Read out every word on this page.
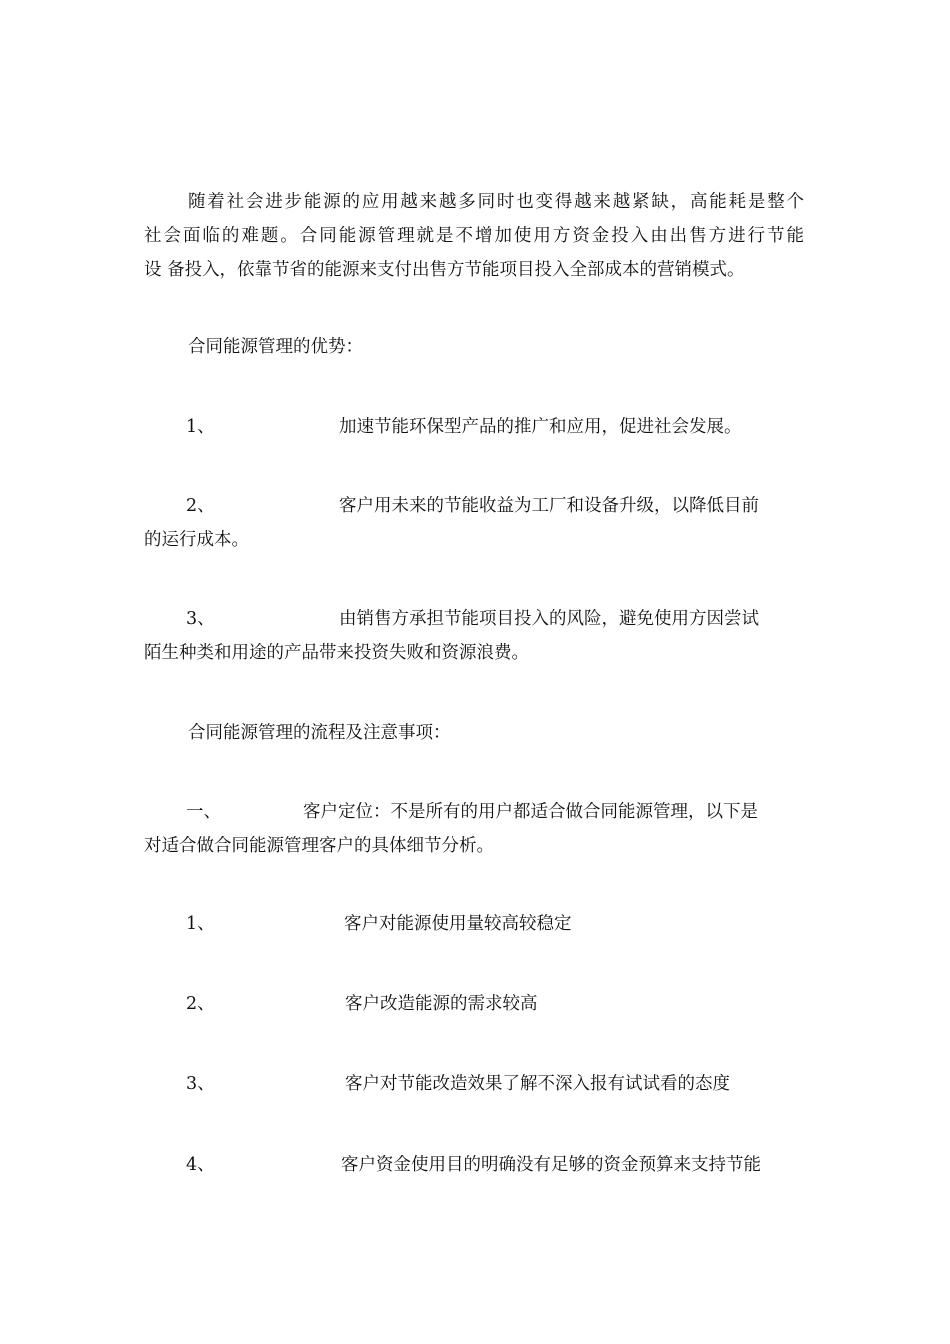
随着社会进步能源的应用越来越多同时也变得越来越紧缺，高能耗是整个
社会面临的难题。合同能源管理就是不增加使用方资金投入由出售方进行节能
设 备投入，依靠节省的能源来支付出售方节能项目投入全部成本的营销模式。
合同能源管理的优势：
1、	加速节能环保型产品的推广和应用，促进社会发展。
2、	客户用未来的节能收益为工厂和设备升级，以降低目前
的运行成本。
3、	由销售方承担节能项目投入的风险，避免使用方因尝试
陌生种类和用途的产品带来投资失败和资源浪费。
合同能源管理的流程及注意事项：
一、	客户定位：不是所有的用户都适合做合同能源管理，以下是
对适合做合同能源管理客户的具体细节分析。
1、	客户对能源使用量较高较稳定
2、	客户改造能源的需求较高
3、	客户对节能改造效果了解不深入报有试试看的态度
4、	客户资金使用目的明确没有足够的资金预算来支持节能
